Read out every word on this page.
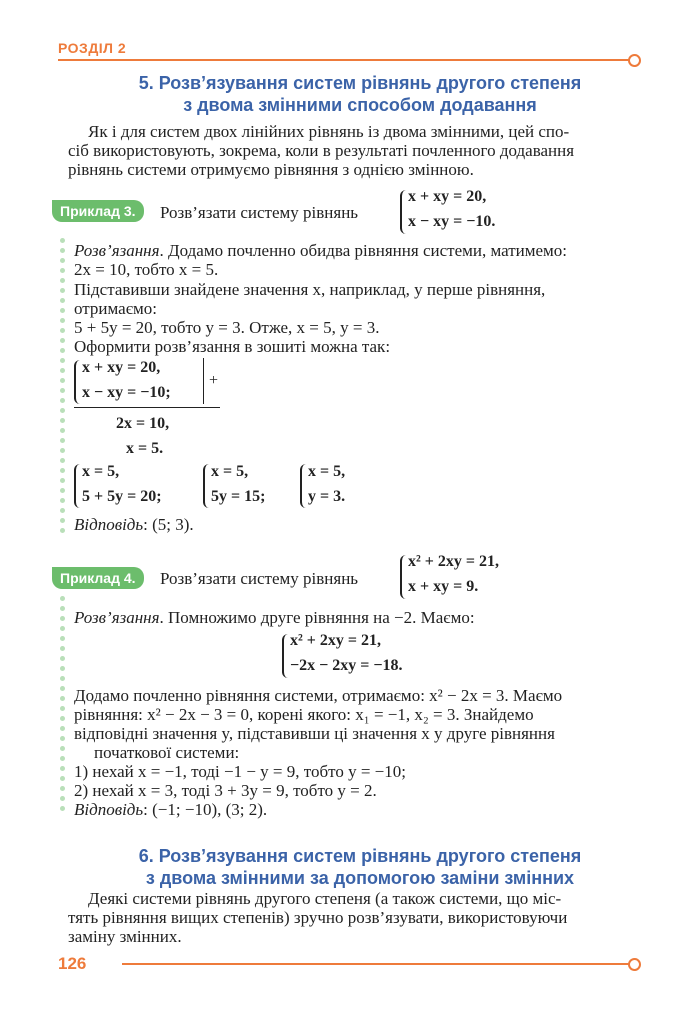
РОЗДІЛ 2
5. Розв’язування систем рівнянь другого степеня
з двома змінними способом додавання
Як і для систем двох лінійних рівнянь із двома змінними, цей спо-
сіб використовують, зокрема, коли в результаті почленного додавання
рівнянь системи отримуємо рівняння з однією змінною.
Приклад 3.	Розв’язати систему рівнянь
x + xy = 20,
x − xy = −10.
Розв’язання. Додамо почленно обидва рівняння системи, матимемо:
2x = 10, тобто x = 5.
Підставивши знайдене значення x, наприклад, у перше рівняння,
отримаємо:
5 + 5y = 20, тобто y = 3. Отже, x = 5, y = 3.
Оформити розв’язання в зошиті можна так:
x + xy = 20,
x − xy = −10;
+
2x = 10,
x = 5.
x = 5,
5 + 5y = 20;
x = 5,
5y = 15;
x = 5,
y = 3.
Відповідь: (5; 3).
Приклад 4.	Розв’язати систему рівнянь
x² + 2xy = 21,
x + xy = 9.
Розв’язання. Помножимо друге рівняння на −2. Маємо:
x² + 2xy = 21,
−2x − 2xy = −18.
Додамо почленно рівняння системи, отримаємо: x² − 2x = 3. Маємо
рівняння: x² − 2x − 3 = 0, корені якого: x₁ = −1, x₂ = 3. Знайдемо
відповідні значення y, підставивши ці значення x у друге рівняння
початкової системи:
1) нехай x = −1, тоді −1 − y = 9, тобто y = −10;
2) нехай x = 3, тоді 3 + 3y = 9, тобто y = 2.
Відповідь: (−1; −10), (3; 2).
6. Розв’язування систем рівнянь другого степеня
з двома змінними за допомогою заміни змінних
Деякі системи рівнянь другого степеня (а також системи, що міс-
тять рівняння вищих степенів) зручно розв’язувати, використовуючи
заміну змінних.
126
